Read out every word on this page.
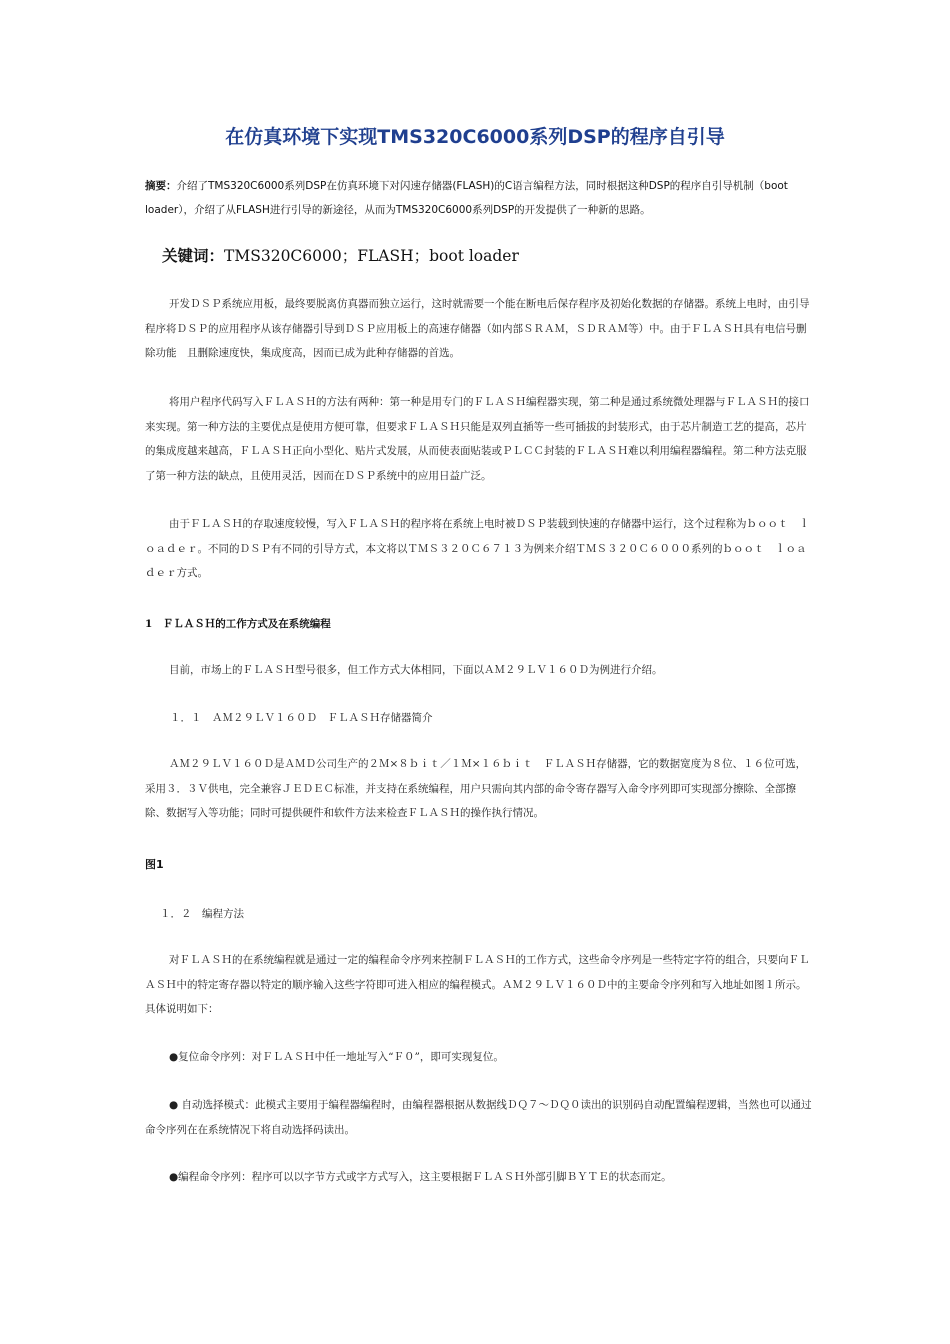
在仿真环境下实现TMS320C6000系列DSP的程序自引导
摘要：介绍了TMS320C6000系列DSP在仿真环境下对闪速存储器(FLASH)的C语言编程方法，同时根据这种DSP的程序自引导机制（boot loader），介绍了从FLASH进行引导的新途径，从而为TMS320C6000系列DSP的开发提供了一种新的思路。
关键词：TMS320C6000；FLASH；boot loader

开发ＤＳＰ系统应用板，最终要脱离仿真器而独立运行，这时就需要一个能在断电后保存程序及初始化数据的存储器。系统上电时，由引导程序将ＤＳＰ的应用程序从该存储器引导到ＤＳＰ应用板上的高速存储器（如内部ＳＲＡＭ，ＳＤＲＡＭ等）中。由于ＦＬＡＳＨ具有电信号删除功能　且删除速度快，集成度高，因而已成为此种存储器的首选。

将用户程序代码写入ＦＬＡＳＨ的方法有两种：第一种是用专门的ＦＬＡＳＨ编程器实现，第二种是通过系统微处理器与ＦＬＡＳＨ的接口来实现。第一种方法的主要优点是使用方便可靠，但要求ＦＬＡＳＨ只能是双列直插等一些可插拔的封装形式，由于芯片制造工艺的提高，芯片的集成度越来越高，ＦＬＡＳＨ正向小型化、贴片式发展，从而使表面贴装或ＰＬＣＣ封装的ＦＬＡＳＨ难以利用编程器编程。第二种方法克服了第一种方法的缺点，且使用灵活，因而在ＤＳＰ系统中的应用日益广泛。

由于ＦＬＡＳＨ的存取速度较慢，写入ＦＬＡＳＨ的程序将在系统上电时被ＤＳＰ装载到快速的存储器中运行，这个过程称为ｂｏｏｔ　ｌｏａｄｅｒ。不同的ＤＳＰ有不同的引导方式，本文将以ＴＭＳ３２０Ｃ６７１３为例来介绍ＴＭＳ３２０Ｃ６０００系列的ｂｏｏｔ　ｌｏａｄｅｒ方式。

1　ＦＬＡＳＨ的工作方式及在系统编程

目前，市场上的ＦＬＡＳＨ型号很多，但工作方式大体相同，下面以ＡＭ２９ＬＶ１６０Ｄ为例进行介绍。

１．１　ＡＭ２９ＬＶ１６０Ｄ　ＦＬＡＳＨ存储器简介

ＡＭ２９ＬＶ１６０Ｄ是ＡＭＤ公司生产的２Ｍ×８ｂｉｔ／１Ｍ×１６ｂｉｔ　ＦＬＡＳＨ存储器，它的数据宽度为８位、１６位可选，采用３．３Ｖ供电，完全兼容ＪＥＤＥＣ标准，并支持在系统编程，用户只需向其内部的命令寄存器写入命令序列即可实现部分擦除、全部擦除、数据写入等功能；同时可提供硬件和软件方法来检查ＦＬＡＳＨ的操作执行情况。

图1
１．２　编程方法

对ＦＬＡＳＨ的在系统编程就是通过一定的编程命令序列来控制ＦＬＡＳＨ的工作方式，这些命令序列是一些特定字符的组合，只要向ＦＬＡＳＨ中的特定寄存器以特定的顺序输入这些字符即可进入相应的编程模式。ＡＭ２９ＬＶ１６０Ｄ中的主要命令序列和写入地址如图１所示。具体说明如下：

●复位命令序列：对ＦＬＡＳＨ中任一地址写入“Ｆ０”，即可实现复位。

● 自动选择模式：此模式主要用于编程器编程时，由编程器根据从数据线ＤＱ７～ＤＱ０读出的识别码自动配置编程逻辑，当然也可以通过命令序列在在系统情况下将自动选择码读出。

●编程命令序列：程序可以以字节方式或字方式写入，这主要根据ＦＬＡＳＨ外部引脚ＢＹＴＥ的状态而定。
